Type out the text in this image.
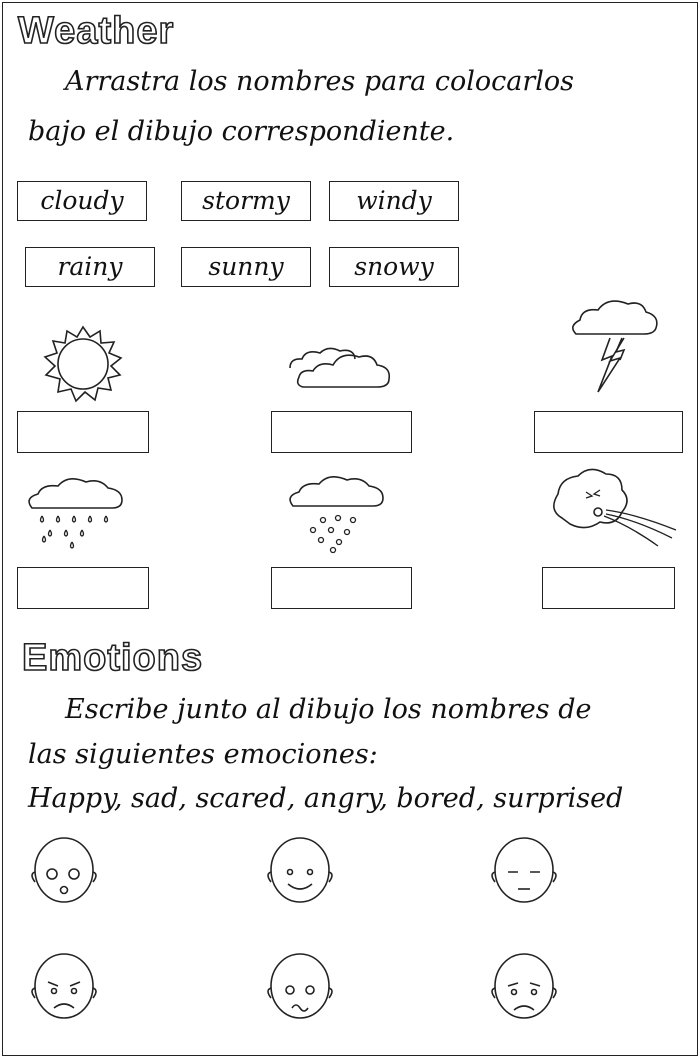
Weather
Arrastra los nombres para colocarlos
bajo el dibujo correspondiente.
cloudy	stormy	windy
rainy	sunny	snowy
Emotions
Escribe junto al dibujo los nombres de
las siguientes emociones:
Happy, sad, scared, angry, bored, surprised
